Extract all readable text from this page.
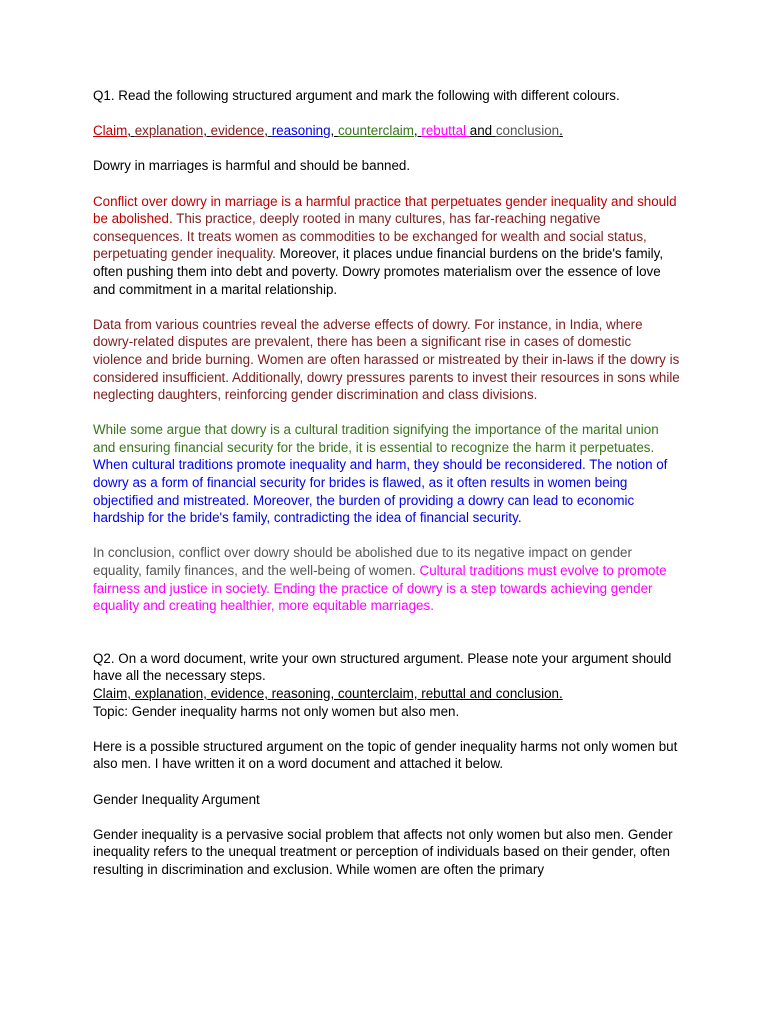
Q1. Read the following structured argument and mark the following with different colours.

Claim, explanation, evidence, reasoning, counterclaim, rebuttal and conclusion.

Dowry in marriages is harmful and should be banned.

Conflict over dowry in marriage is a harmful practice that perpetuates gender inequality and should be abolished. This practice, deeply rooted in many cultures, has far-reaching negative consequences. It treats women as commodities to be exchanged for wealth and social status, perpetuating gender inequality. Moreover, it places undue financial burdens on the bride's family, often pushing them into debt and poverty. Dowry promotes materialism over the essence of love and commitment in a marital relationship.

Data from various countries reveal the adverse effects of dowry. For instance, in India, where dowry-related disputes are prevalent, there has been a significant rise in cases of domestic violence and bride burning. Women are often harassed or mistreated by their in-laws if the dowry is considered insufficient. Additionally, dowry pressures parents to invest their resources in sons while neglecting daughters, reinforcing gender discrimination and class divisions.

While some argue that dowry is a cultural tradition signifying the importance of the marital union and ensuring financial security for the bride, it is essential to recognize the harm it perpetuates. When cultural traditions promote inequality and harm, they should be reconsidered. The notion of dowry as a form of financial security for brides is flawed, as it often results in women being objectified and mistreated. Moreover, the burden of providing a dowry can lead to economic hardship for the bride's family, contradicting the idea of financial security.

In conclusion, conflict over dowry should be abolished due to its negative impact on gender equality, family finances, and the well-being of women. Cultural traditions must evolve to promote fairness and justice in society. Ending the practice of dowry is a step towards achieving gender equality and creating healthier, more equitable marriages.

Q2. On a word document, write your own structured argument. Please note your argument should have all the necessary steps.

Claim, explanation, evidence, reasoning, counterclaim, rebuttal and conclusion.

Topic: Gender inequality harms not only women but also men.

Here is a possible structured argument on the topic of gender inequality harms not only women but also men. I have written it on a word document and attached it below.

Gender Inequality Argument

Gender inequality is a pervasive social problem that affects not only women but also men. Gender inequality refers to the unequal treatment or perception of individuals based on their gender, often resulting in discrimination and exclusion. While women are often the primary
